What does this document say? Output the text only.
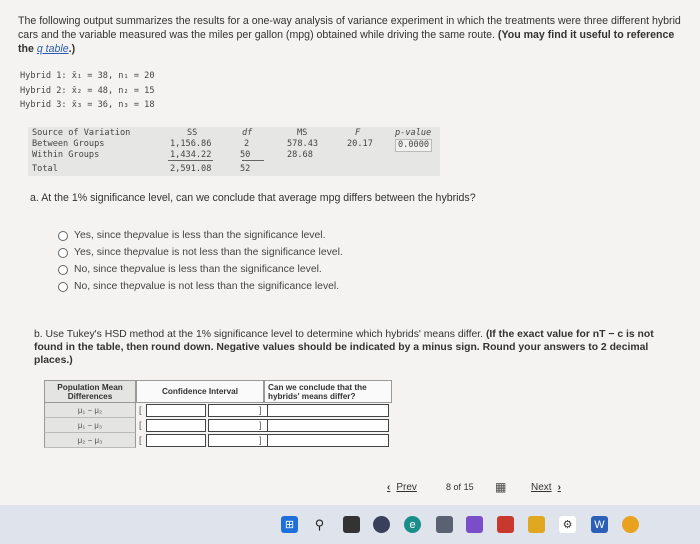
The following output summarizes the results for a one-way analysis of variance experiment in which the treatments were three different hybrid cars and the variable measured was the miles per gallon (mpg) obtained while driving the same route. (You may find it useful to reference the q table.)
Hybrid 1: x̄₁ = 38, n₁ = 20
Hybrid 2: x̄₂ = 48, n₂ = 15
Hybrid 3: x̄₃ = 36, n₃ = 18
Source of Variation	SS	df	MS	F	p-value
Between Groups	1,156.86	2	578.43	20.17	0.0000
Within Groups	1,434.22	50	28.68
Total	2,591.08	52
a. At the 1% significance level, can we conclude that average mpg differs between the hybrids?
Yes, since the p value is less than the significance level.
Yes, since the p value is not less than the significance level.
No, since the p value is less than the significance level.
No, since the p value is not less than the significance level.
b. Use Tukey's HSD method at the 1% significance level to determine which hybrids' means differ. (If the exact value for nT − c is not found in the table, then round down. Negative values should be indicated by a minus sign. Round your answers to 2 decimal places.)
Population Mean Differences	Confidence Interval	Can we conclude that the hybrids' means differ?
μ₁ − μ₂	[	]
μ₁ − μ₃	[	]
μ₂ − μ₃	[	]
‹ Prev	8
of
15 ▦ Next ›
⊞ ⚲	e	⚙	W
